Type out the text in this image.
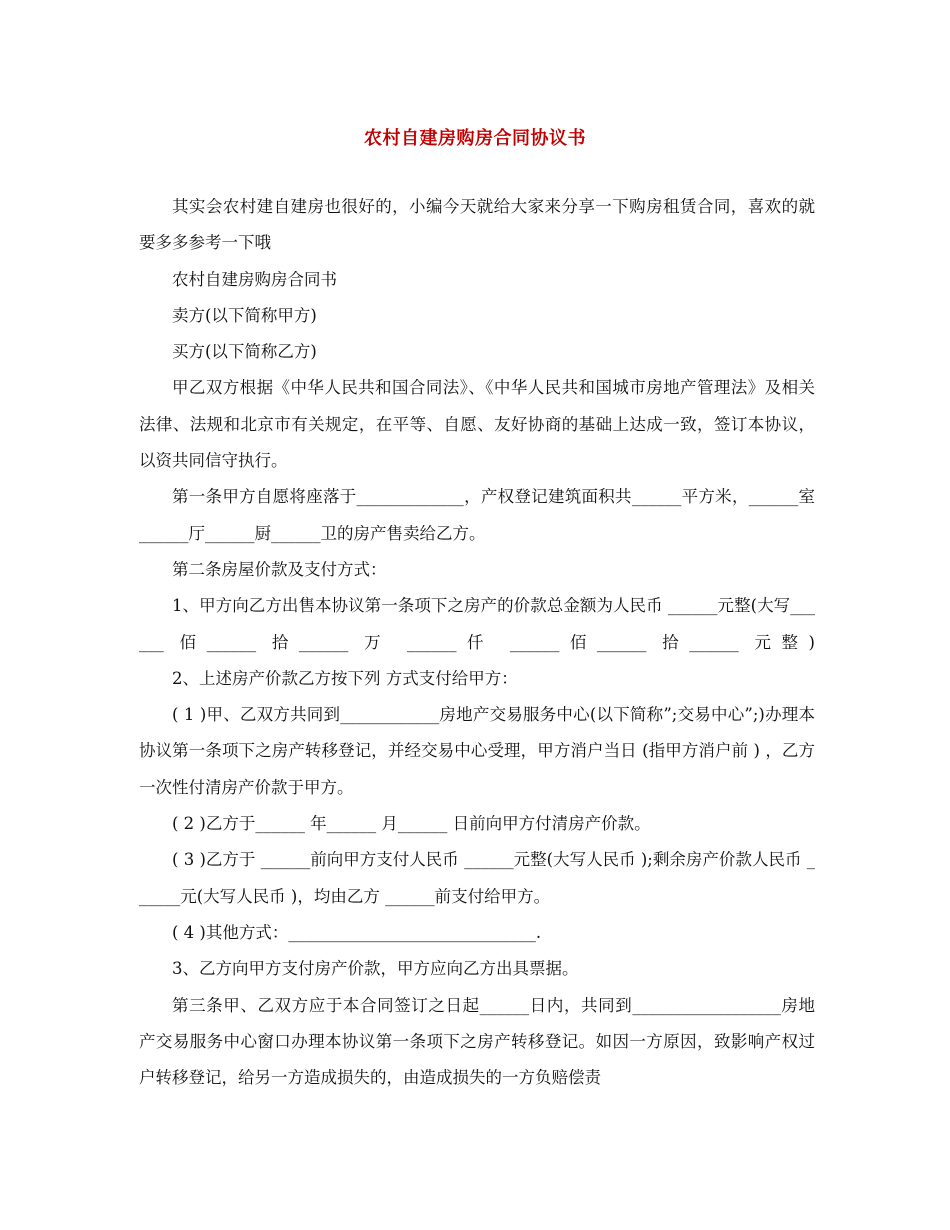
农村自建房购房合同协议书

其实会农村建自建房也很好的，小编今天就给大家来分享一下购房租赁合同，喜欢的就要多多参考一下哦

农村自建房购房合同书

卖方(以下简称甲方)

买方(以下简称乙方)

甲乙双方根据《中华人民共和国合同法》、《中华人民共和国城市房地产管理法》及相关法律、法规和北京市有关规定，在平等、自愿、友好协商的基础上达成一致，签订本协议，以资共同信守执行。

第一条甲方自愿将座落于_____________，产权登记建筑面积共______平方米，______室______厅______厨______卫的房产售卖给乙方。

第二条房屋价款及支付方式：

1、甲方向乙方出售本协议第一条项下之房产的价款总金额为人民币 ______元整(大写______ 佰______ 拾______ 万 ______仟 ______佰______ 拾______ 元整)

2、上述房产价款乙方按下列 方式支付给甲方：

( 1 )甲、乙双方共同到____________房地产交易服务中心(以下简称”;交易中心”;)办理本协议第一条项下之房产转移登记，并经交易中心受理，甲方消户当日 (指甲方消户前 ) ，乙方一次性付清房产价款于甲方。

( 2 )乙方于______ 年______ 月______ 日前向甲方付清房产价款。

( 3 )乙方于 ______前向甲方支付人民币 ______元整(大写人民币 );剩余房产价款人民币 ______元(大写人民币 )，均由乙方 ______前支付给甲方。

( 4 )其他方式：______________________________.

3、乙方向甲方支付房产价款，甲方应向乙方出具票据。

第三条甲、乙双方应于本合同签订之日起______日内，共同到__________________房地产交易服务中心窗口办理本协议第一条项下之房产转移登记。如因一方原因，致影响产权过户转移登记，给另一方造成损失的，由造成损失的一方负赔偿责
